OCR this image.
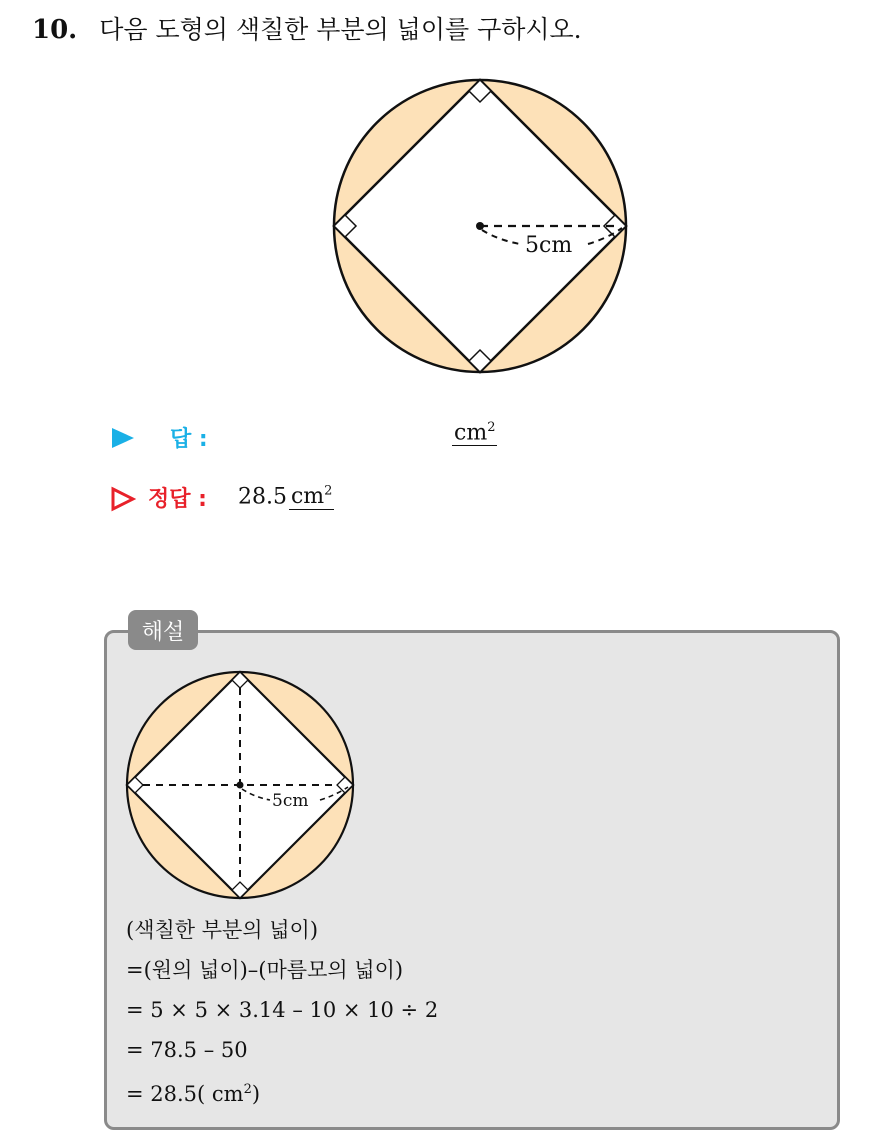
10. 다음 도형의 색칠한 부분의 넓이를 구하시오.
5cm
답 :	$cm^2$
정답 : 28.5 $cm^2$
해설
5cm
(색칠한 부분의 넓이)
=(원의 넓이)–(마름모의 넓이)
= 5 × 5 × 3.14 – 10 × 10 ÷ 2
= 78.5 – 50
= 28.5( $cm^2$)
